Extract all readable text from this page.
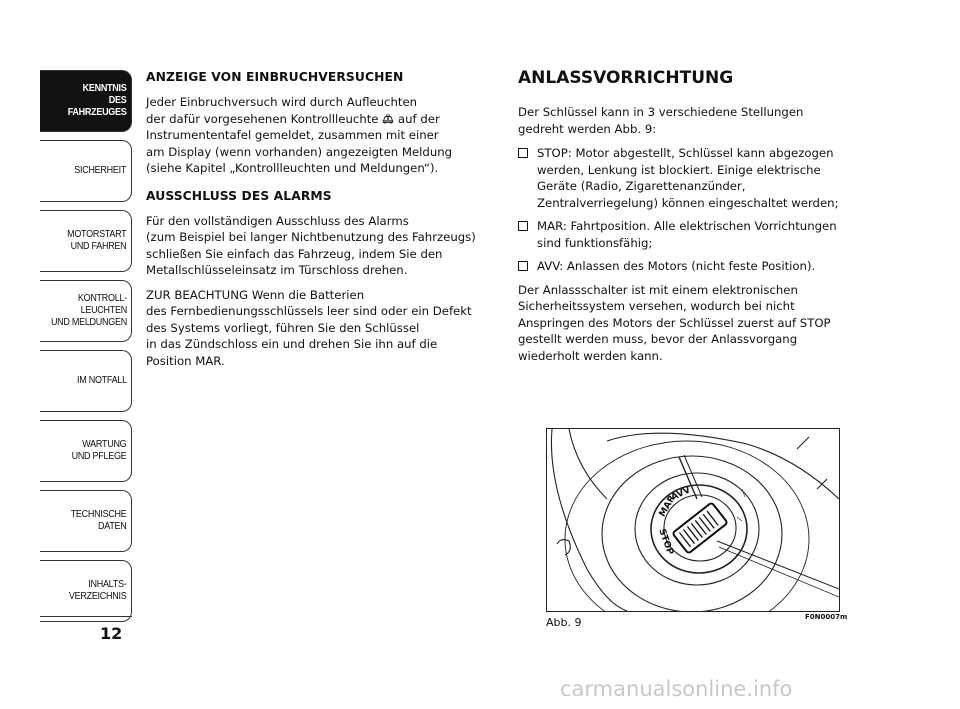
KENNTNIS
DES FAHRZEUGES
SICHERHEIT
MOTORSTART
UND FAHREN
KONTROLL-
LEUCHTEN
UND MELDUNGEN
IM NOTFALL
WARTUNG
UND PFLEGE
TECHNISCHE
DATEN
INHALTS-
VERZEICHNIS
12
ANZEIGE VON EINBRUCHVERSUCHEN

Jeder Einbruchversuch wird durch Aufleuchten
der dafür vorgesehenen Kontrollleuchte  auf der
Instrumententafel gemeldet, zusammen mit einer
am Display (wenn vorhanden) angezeigten Meldung
(siehe Kapitel „Kontrollleuchten und Meldungen“).

AUSSCHLUSS DES ALARMS

Für den vollständigen Ausschluss des Alarms
(zum Beispiel bei langer Nichtbenutzung des Fahrzeugs)
schließen Sie einfach das Fahrzeug, indem Sie den
Metallschlüsseleinsatz im Türschloss drehen.

ZUR BEACHTUNG Wenn die Batterien
des Fernbedienungsschlüssels leer sind oder ein Defekt
des Systems vorliegt, führen Sie den Schlüssel
in das Zündschloss ein und drehen Sie ihn auf die
Position MAR.

ANLASSVORRICHTUNG

Der Schlüssel kann in 3 verschiedene Stellungen
gedreht werden Abb. 9:

STOP: Motor abgestellt, Schlüssel kann abgezogen
werden, Lenkung ist blockiert. Einige elektrische
Geräte (Radio, Zigarettenanzünder,
Zentralverriegelung) können eingeschaltet werden;
MAR: Fahrtposition. Alle elektrischen Vorrichtungen
sind funktionsfähig;
AVV: Anlassen des Motors (nicht feste Position).

Der Anlassschalter ist mit einem elektronischen
Sicherheitssystem versehen, wodurch bei nicht
Anspringen des Motors der Schlüssel zuerst auf STOP
gestellt werden muss, bevor der Anlassvorgang
wiederholt werden kann.

STOP
MAR
AVV
Abb. 9	F0N0007m
carmanualsonline.info
